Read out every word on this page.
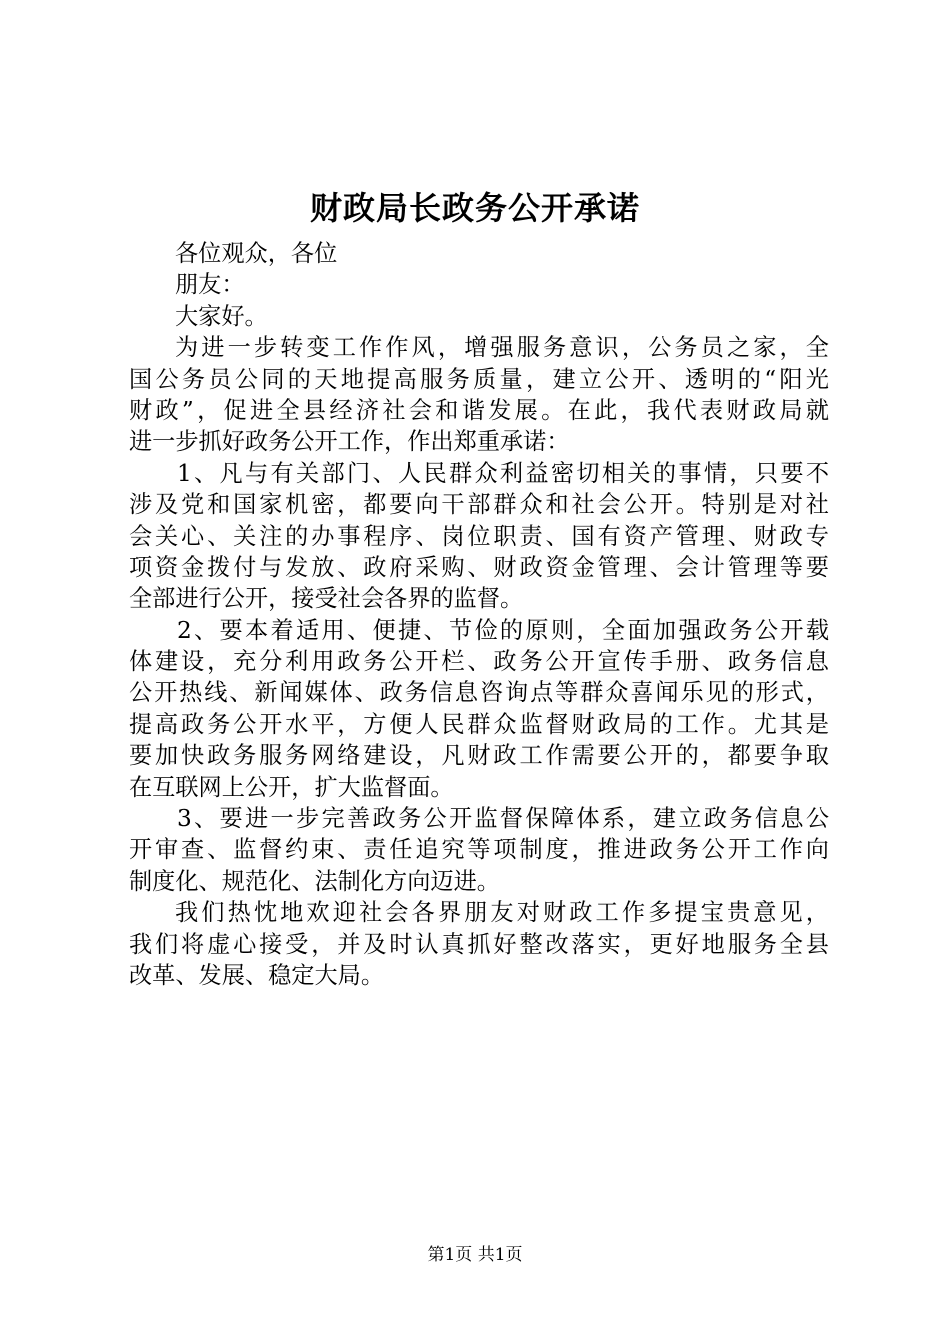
财政局长政务公开承诺
各位观众，各位
朋友：
大家好。
为进一步转变工作作风，增强服务意识，公务员之家，全
国公务员公同的天地提高服务质量，建立公开、透明的“阳光
财政”，促进全县经济社会和谐发展。在此，我代表财政局就
进一步抓好政务公开工作，作出郑重承诺：
1、凡与有关部门、人民群众利益密切相关的事情，只要不
涉及党和国家机密，都要向干部群众和社会公开。特别是对社
会关心、关注的办事程序、岗位职责、国有资产管理、财政专
项资金拨付与发放、政府采购、财政资金管理、会计管理等要
全部进行公开，接受社会各界的监督。
2、要本着适用、便捷、节俭的原则，全面加强政务公开载
体建设，充分利用政务公开栏、政务公开宣传手册、政务信息
公开热线、新闻媒体、政务信息咨询点等群众喜闻乐见的形式，
提高政务公开水平，方便人民群众监督财政局的工作。尤其是
要加快政务服务网络建设，凡财政工作需要公开的，都要争取
在互联网上公开，扩大监督面。
3、要进一步完善政务公开监督保障体系，建立政务信息公
开审查、监督约束、责任追究等项制度，推进政务公开工作向
制度化、规范化、法制化方向迈进。
我们热忱地欢迎社会各界朋友对财政工作多提宝贵意见，
我们将虚心接受，并及时认真抓好整改落实，更好地服务全县
改革、发展、稳定大局。
第1页 共1页
